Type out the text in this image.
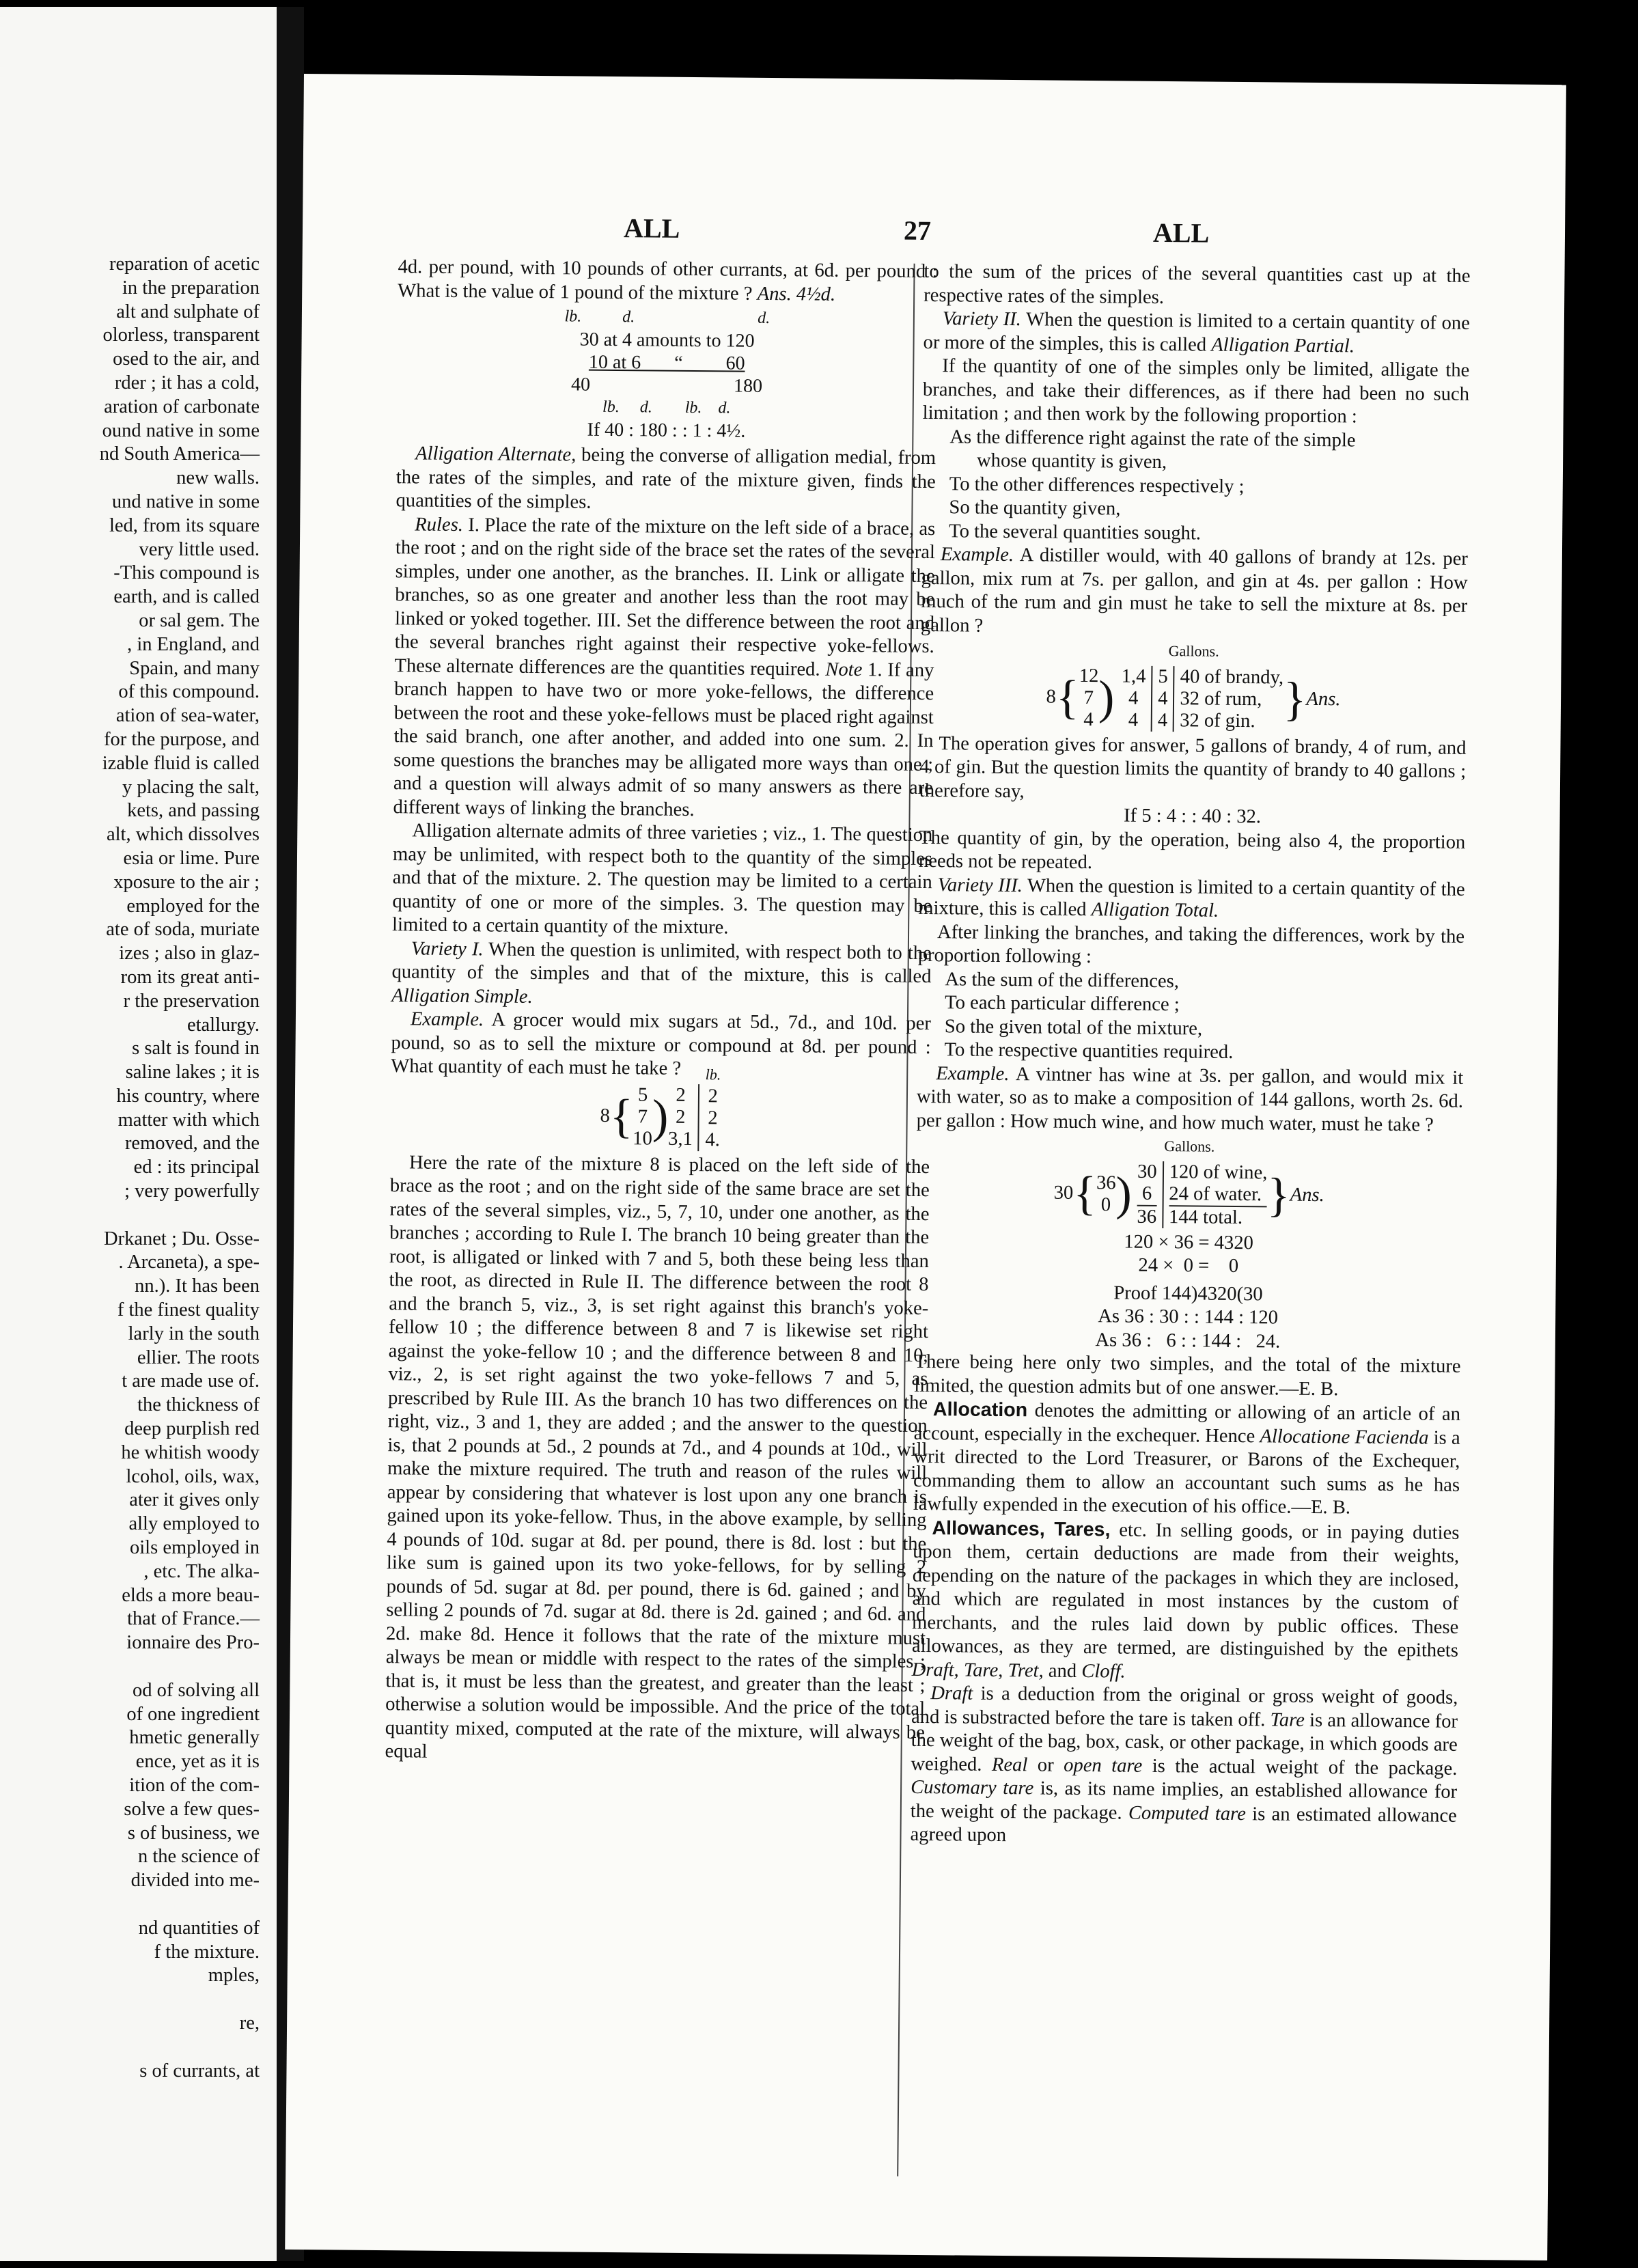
reparation of acetic
in the preparation
alt and sulphate of
olorless, transparent
osed to the air, and
rder ; it has a cold,
aration of carbonate
ound native in some
nd South America—
new walls.
und native in some
led, from its square
very little used.
-This compound is
earth, and is called
or sal gem. The
, in England, and
Spain, and many
of this compound.
ation of sea-water,
for the purpose, and
izable fluid is called
y placing the salt,
kets, and passing
alt, which dissolves
esia or lime. Pure
xposure to the air ;
employed for the
ate of soda, muriate
izes ; also in glaz-
rom its great anti-
r the preservation
etallurgy.
s salt is found in
saline lakes ; it is
his country, where
matter with which
removed, and the
ed : its principal
; very powerfully

Drkanet ; Du. Osse-
. Arcaneta), a spe-
nn.). It has been
f the finest quality
larly in the south
ellier. The roots
t are made use of.
the thickness of
deep purplish red
he whitish woody
lcohol, oils, wax,
ater it gives only
ally employed to
oils employed in
, etc. The alka-
elds a more beau-
that of France.—
ionnaire des Pro-

od of solving all
of one ingredient
hmetic generally
ence, yet as it is
ition of the com-
solve a few ques-
s of business, we
n the science of
divided into me-

nd quantities of
f the mixture.
mples,

re,

s of currants, at
ALL	27	ALL

4d. per pound, with 10 pounds of other currants, at 6d. per pound : What is the value of 1 pound of the mixture ? Ans. 4½d.

lb.          d.                              d.
30 at 4 amounts to 120
10 at 6       “         60
40                              180
lb.     d.        lb.    d.
If 40 : 180 : : 1 : 4½.

Alligation Alternate, being the converse of alligation medial, from the rates of the simples, and rate of the mixture given, finds the quantities of the simples.

Rules. I. Place the rate of the mixture on the left side of a brace, as the root ; and on the right side of the brace set the rates of the several simples, under one another, as the branches. II. Link or alligate the branches, so as one greater and another less than the root may be linked or yoked together. III. Set the difference between the root and the several branches right against their respective yoke-fellows. These alternate differences are the quantities required. Note 1. If any branch happen to have two or more yoke-fellows, the difference between the root and these yoke-fellows must be placed right against the said branch, one after another, and added into one sum. 2. In some questions the branches may be alligated more ways than one ; and a question will always admit of so many answers as there are different ways of linking the branches.

Alligation alternate admits of three varieties ; viz., 1. The question may be unlimited, with respect both to the quantity of the simples and that of the mixture. 2. The question may be limited to a certain quantity of one or more of the simples. 3. The question may be limited to a certain quantity of the mixture.

Variety I. When the question is unlimited, with respect both to the quantity of the simples and that of the mixture, this is called Alligation Simple.

Example. A grocer would mix sugars at 5d., 7d., and 10d. per pound, so as to sell the mixture or compound at 8d. per pound : What quantity of each must he take ?

8 { 5
7
10 ) 2
2
3,1
lb.
2
2
4.

Here the rate of the mixture 8 is placed on the left side of the brace as the root ; and on the right side of the same brace are set the rates of the several simples, viz., 5, 7, 10, under one another, as the branches ; according to Rule I. The branch 10 being greater than the root, is alligated or linked with 7 and 5, both these being less than the root, as directed in Rule II. The difference between the root 8 and the branch 5, viz., 3, is set right against this branch's yoke-fellow 10 ; the difference between 8 and 7 is likewise set right against the yoke-fellow 10 ; and the difference between 8 and 10, viz., 2, is set right against the two yoke-fellows 7 and 5, as prescribed by Rule III. As the branch 10 has two differences on the right, viz., 3 and 1, they are added ; and the answer to the question is, that 2 pounds at 5d., 2 pounds at 7d., and 4 pounds at 10d., will make the mixture required. The truth and reason of the rules will appear by considering that whatever is lost upon any one branch is gained upon its yoke-fellow. Thus, in the above example, by selling 4 pounds of 10d. sugar at 8d. per pound, there is 8d. lost : but the like sum is gained upon its two yoke-fellows, for by selling 2 pounds of 5d. sugar at 8d. per pound, there is 6d. gained ; and by selling 2 pounds of 7d. sugar at 8d. there is 2d. gained ; and 6d. and 2d. make 8d. Hence it follows that the rate of the mixture must always be mean or middle with respect to the rates of the simples ; that is, it must be less than the greatest, and greater than the least ; otherwise a solution would be impossible. And the price of the total quantity mixed, computed at the rate of the mixture, will always be equal

to the sum of the prices of the several quantities cast up at the respective rates of the simples.

Variety II. When the question is limited to a certain quantity of one or more of the simples, this is called Alligation Partial.

If the quantity of one of the simples only be limited, alligate the branches, and take their differences, as if there had been no such limitation ; and then work by the following proportion :

As the difference right against the rate of the simple
whose quantity is given,
To the other differences respectively ;
So the quantity given,
To the several quantities sought.

Example. A distiller would, with 40 gallons of brandy at 12s. per gallon, mix rum at 7s. per gallon, and gin at 4s. per gallon : How much of the rum and gin must he take to sell the mixture at 8s. per gallon ?

Gallons.
8 { 12
7
4 ) 1,4
4
4
5
4
4
40 of brandy,
32 of rum,
32 of gin. } Ans.

The operation gives for answer, 5 gallons of brandy, 4 of rum, and 4 of gin. But the question limits the quantity of brandy to 40 gallons ; therefore say,

If 5 : 4 : : 40 : 32.

The quantity of gin, by the operation, being also 4, the proportion needs not be repeated.

Variety III. When the question is limited to a certain quantity of the mixture, this is called Alligation Total.

After linking the branches, and taking the differences, work by the proportion following :

As the sum of the differences,
To each particular difference ;
So the given total of the mixture,
To the respective quantities required.

Example. A vintner has wine at 3s. per gallon, and would mix it with water, so as to make a composition of 144 gallons, worth 2s. 6d. per gallon : How much wine, and how much water, must he take ?

Gallons.
30 { 36
0 ) 30
6
36
120 of wine,
24 of water.
144 total. } Ans.
120 × 36 = 4320
24 ×  0 =    0
Proof 144)4320(30
As 36 : 30 : : 144 : 120
As 36 :   6 : : 144 :   24.

There being here only two simples, and the total of the mixture limited, the question admits but of one answer.—E. B.

Allocation denotes the admitting or allowing of an article of an account, especially in the exchequer. Hence Allocatione Facienda is a writ directed to the Lord Treasurer, or Barons of the Exchequer, commanding them to allow an accountant such sums as he has lawfully expended in the execution of his office.—E. B.

Allowances, Tares, etc. In selling goods, or in paying duties upon them, certain deductions are made from their weights, depending on the nature of the packages in which they are inclosed, and which are regulated in most instances by the custom of merchants, and the rules laid down by public offices. These allowances, as they are termed, are distinguished by the epithets Draft, Tare, Tret, and Cloff.

Draft is a deduction from the original or gross weight of goods, and is substracted before the tare is taken off. Tare is an allowance for the weight of the bag, box, cask, or other package, in which goods are weighed. Real or open tare is the actual weight of the package. Customary tare is, as its name implies, an established allowance for the weight of the package. Computed tare is an estimated allowance agreed upon
